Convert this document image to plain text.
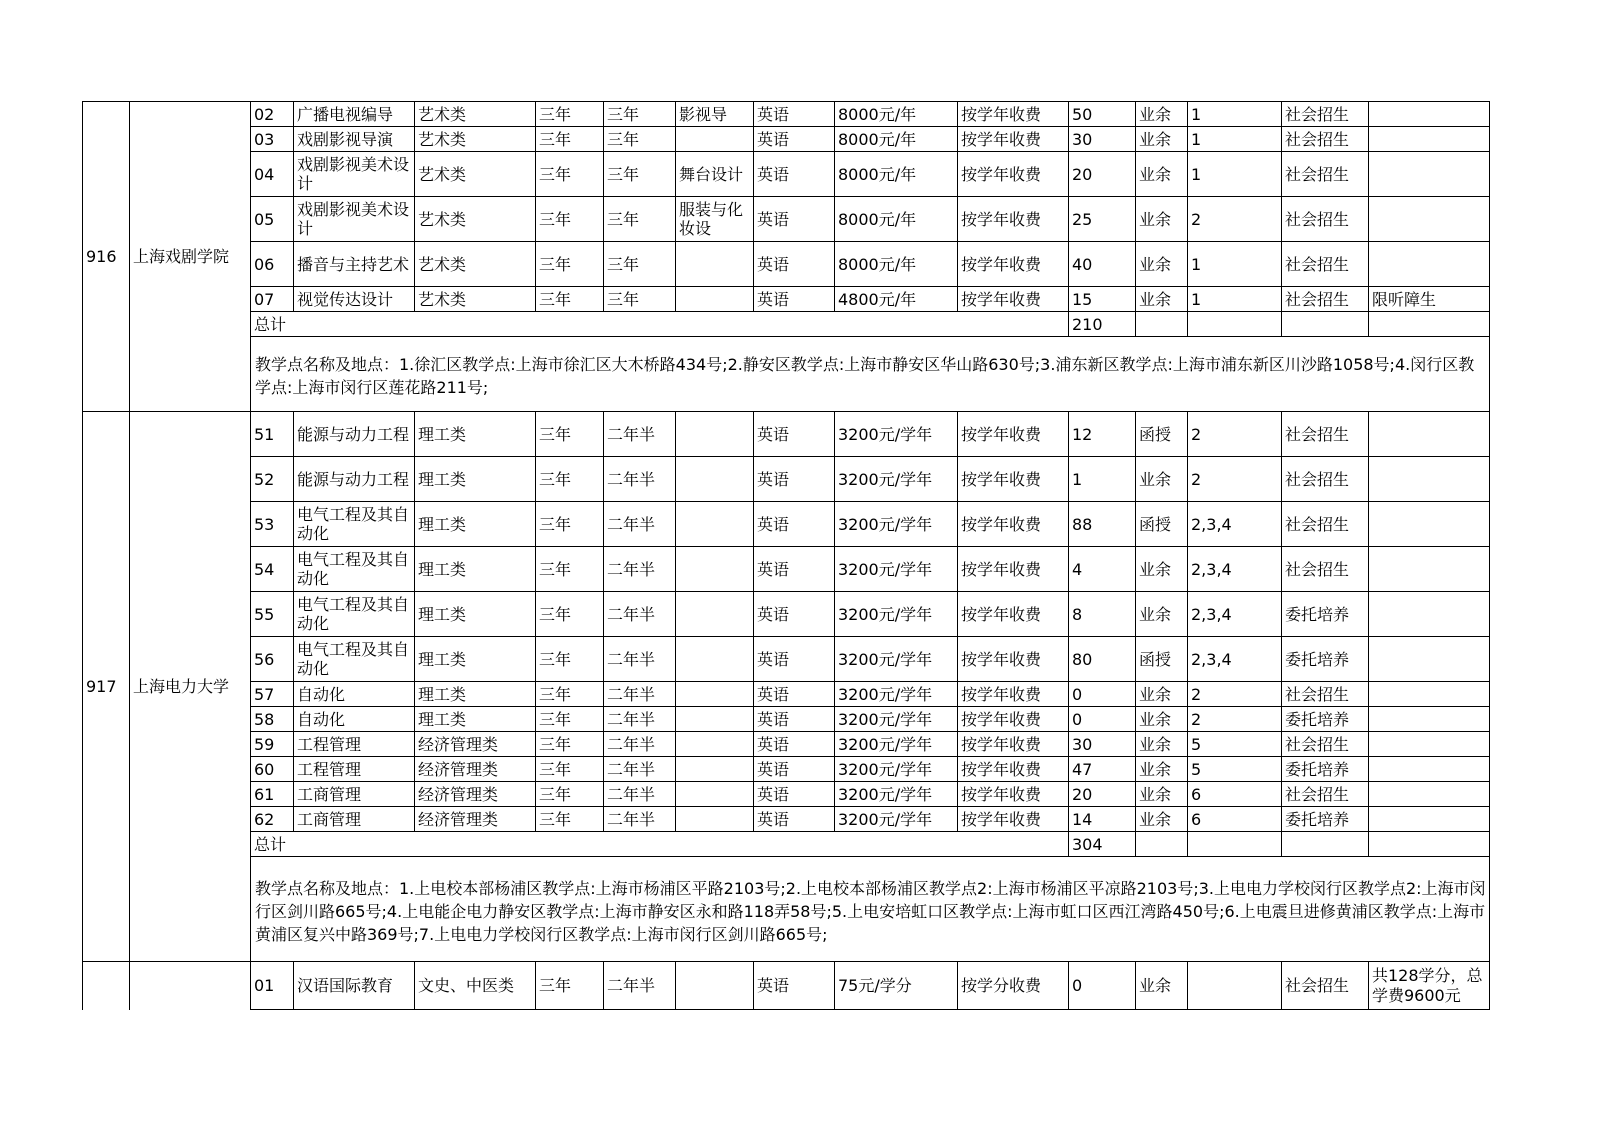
916	上海戏剧学院	02	广播电视编导	艺术类	三年	三年	影视导	英语	8000元/年	按学年收费	50	业余	1	社会招生	
		03	戏剧影视导演	艺术类	三年	三年		英语	8000元/年	按学年收费	30	业余	1	社会招生	
		04	戏剧影视美术设计	艺术类	三年	三年	舞台设计	英语	8000元/年	按学年收费	20	业余	1	社会招生	
		05	戏剧影视美术设计	艺术类	三年	三年	服装与化妆设	英语	8000元/年	按学年收费	25	业余	2	社会招生	
		06	播音与主持艺术	艺术类	三年	三年		英语	8000元/年	按学年收费	40	业余	1	社会招生	
		07	视觉传达设计	艺术类	三年	三年		英语	4800元/年	按学年收费	15	业余	1	社会招生	限听障生
		总计									210				
		教学点名称及地点：1.徐汇区教学点:上海市徐汇区大木桥路434号;2.静安区教学点:上海市静安区华山路630号;3.浦东新区教学点:上海市浦东新区川沙路1058号;4.闵行区教学点:上海市闵行区莲花路211号;													
917	上海电力大学	51	能源与动力工程	理工类	三年	二年半		英语	3200元/学年	按学年收费	12	函授	2	社会招生	
		52	能源与动力工程	理工类	三年	二年半		英语	3200元/学年	按学年收费	1	业余	2	社会招生	
		53	电气工程及其自动化	理工类	三年	二年半		英语	3200元/学年	按学年收费	88	函授	2,3,4	社会招生	
		54	电气工程及其自动化	理工类	三年	二年半		英语	3200元/学年	按学年收费	4	业余	2,3,4	社会招生	
		55	电气工程及其自动化	理工类	三年	二年半		英语	3200元/学年	按学年收费	8	业余	2,3,4	委托培养	
		56	电气工程及其自动化	理工类	三年	二年半		英语	3200元/学年	按学年收费	80	函授	2,3,4	委托培养	
		57	自动化	理工类	三年	二年半		英语	3200元/学年	按学年收费	0	业余	2	社会招生	
		58	自动化	理工类	三年	二年半		英语	3200元/学年	按学年收费	0	业余	2	委托培养	
		59	工程管理	经济管理类	三年	二年半		英语	3200元/学年	按学年收费	30	业余	5	社会招生	
		60	工程管理	经济管理类	三年	二年半		英语	3200元/学年	按学年收费	47	业余	5	委托培养	
		61	工商管理	经济管理类	三年	二年半		英语	3200元/学年	按学年收费	20	业余	6	社会招生	
		62	工商管理	经济管理类	三年	二年半		英语	3200元/学年	按学年收费	14	业余	6	委托培养	
		总计									304				
		教学点名称及地点：1.上电校本部杨浦区教学点:上海市杨浦区平路2103号;2.上电校本部杨浦区教学点2:上海市杨浦区平凉路2103号;3.上电电力学校闵行区教学点2:上海市闵行区剑川路665号;4.上电能企电力静安区教学点:上海市静安区永和路118弄58号;5.上电安培虹口区教学点:上海市虹口区西江湾路450号;6.上电震旦进修黄浦区教学点:上海市黄浦区复兴中路369号;7.上电电力学校闵行区教学点:上海市闵行区剑川路665号;													
		01	汉语国际教育	文史、中医类	三年	二年半		英语	75元/学分	按学分收费	0	业余		社会招生	共128学分，总学费9600元
